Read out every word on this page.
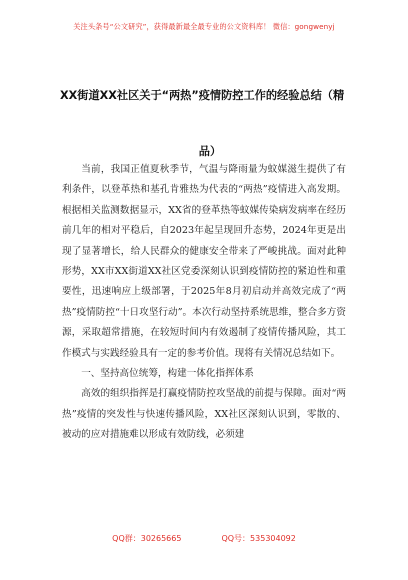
关注头条号“公文研究”，获得最新最全最专业的公文资料库！ 微信：gongwenyj
XX街道XX社区关于“两热”疫情防控工作的经验总结（精
品）

当前，我国正值夏秋季节，气温与降雨量为蚊媒滋生提供了有利条件，以登革热和基孔肯雅热为代表的“两热”疫情进入高发期。根据相关监测数据显示，XX省的登革热等蚊媒传染病发病率在经历前几年的相对平稳后，自2023年起呈现回升态势，2024年更是出现了显著增长，给人民群众的健康安全带来了严峻挑战。面对此种形势，XX市XX街道XX社区党委深刻认识到疫情防控的紧迫性和重要性，迅速响应上级部署，于2025年8月初启动并高效完成了“两热”疫情防控“十日攻坚行动”。本次行动坚持系统思维，整合多方资源，采取超常措施，在较短时间内有效遏制了疫情传播风险，其工作模式与实践经验具有一定的参考价值。现将有关情况总结如下。

一、坚持高位统筹，构建一体化指挥体系

高效的组织指挥是打赢疫情防控攻坚战的前提与保障。面对“两热”疫情的突发性与快速传播风险，XX社区深刻认识到，零散的、被动的应对措施难以形成有效防线，必须建

QQ群：30265665	QQ号：535304092
